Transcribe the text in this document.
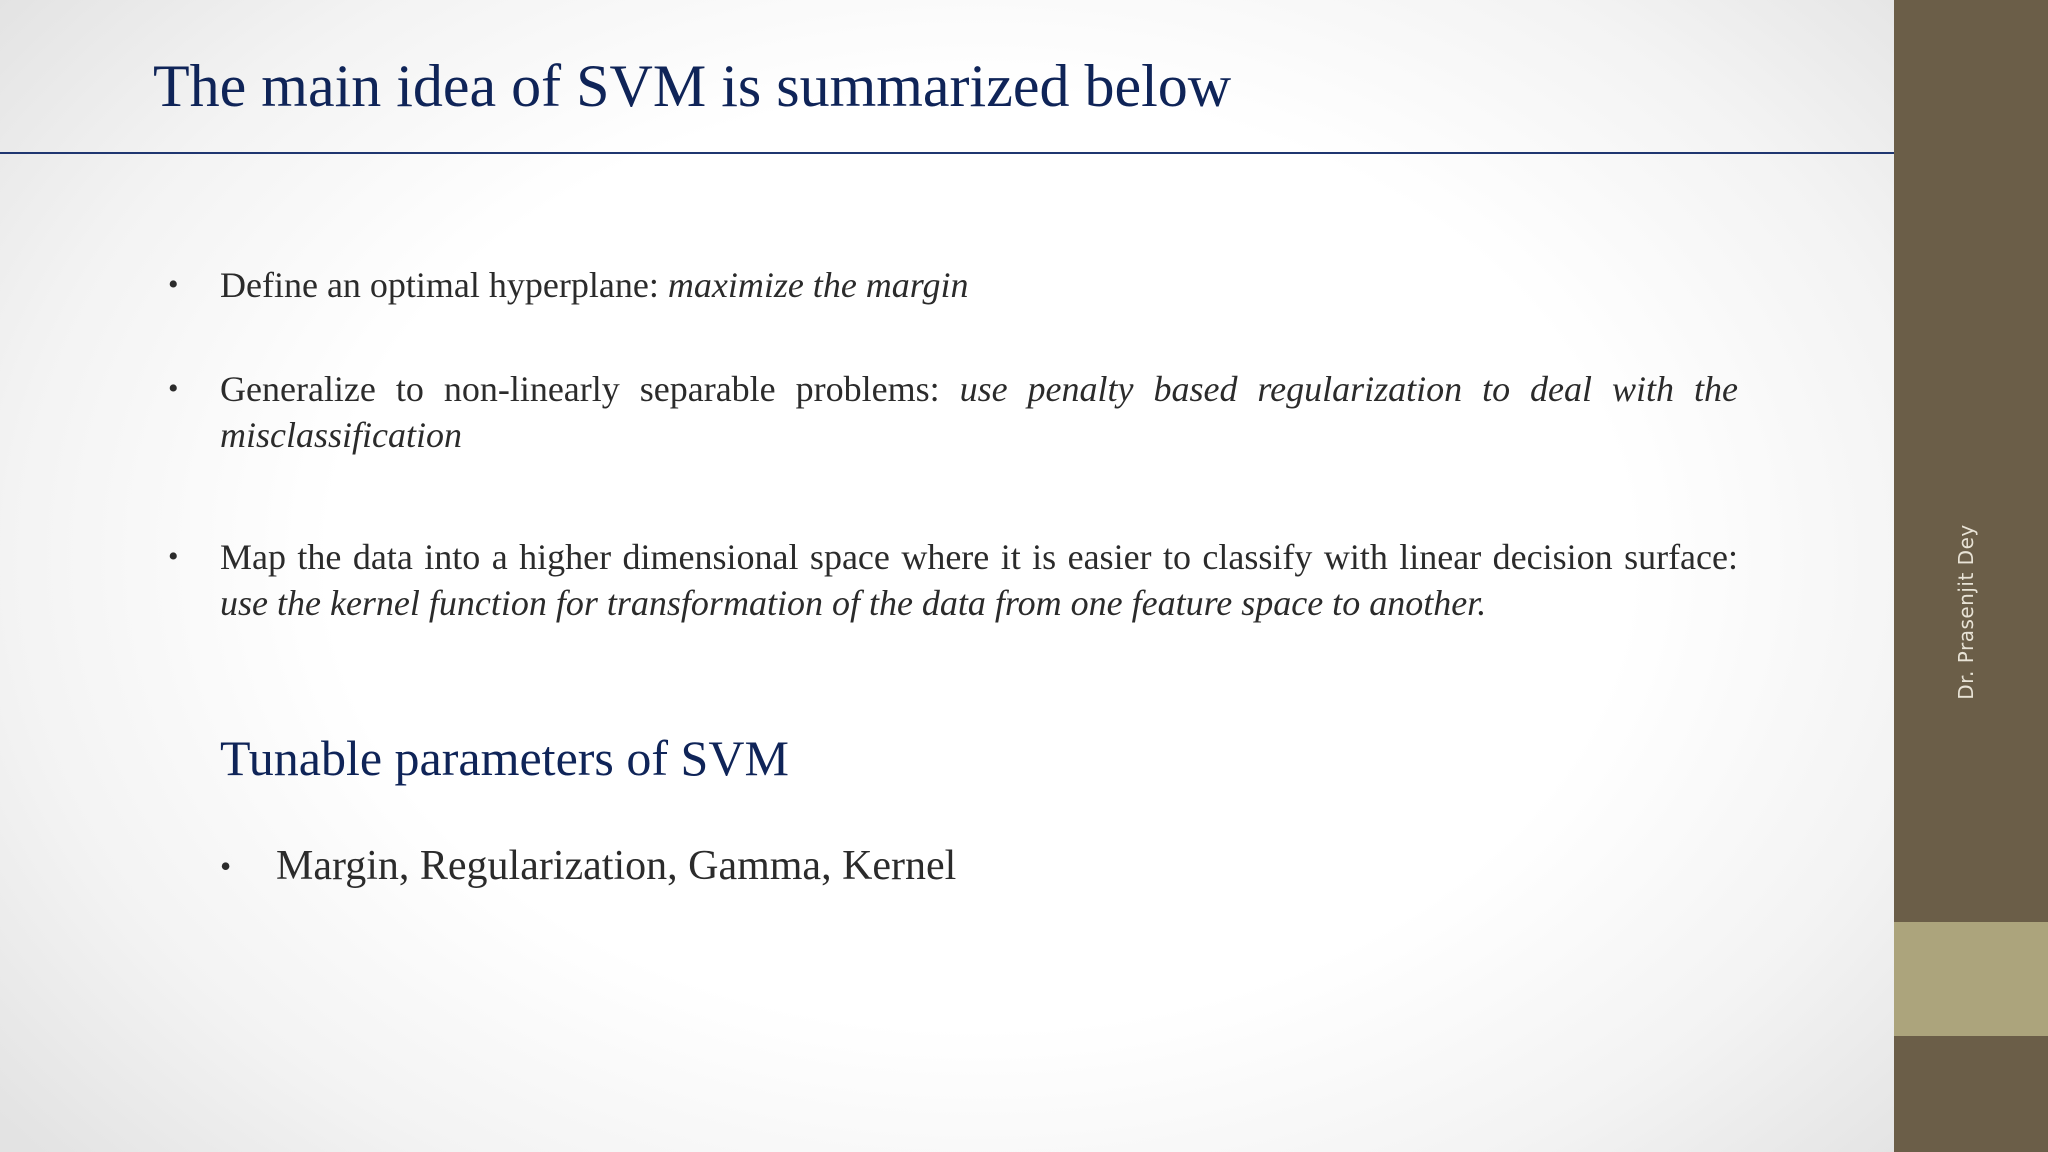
The main idea of SVM is summarized below
Dr. Prasenjit Dey
• Define an optimal hyperplane: maximize the margin
• Generalize to non-linearly separable problems: use penalty based regularization to deal with the misclassification
• Map the data into a higher dimensional space where it is easier to classify with linear decision surface: use the kernel function for transformation of the data from one feature space to another.
Tunable parameters of SVM
• Margin, Regularization, Gamma, Kernel
